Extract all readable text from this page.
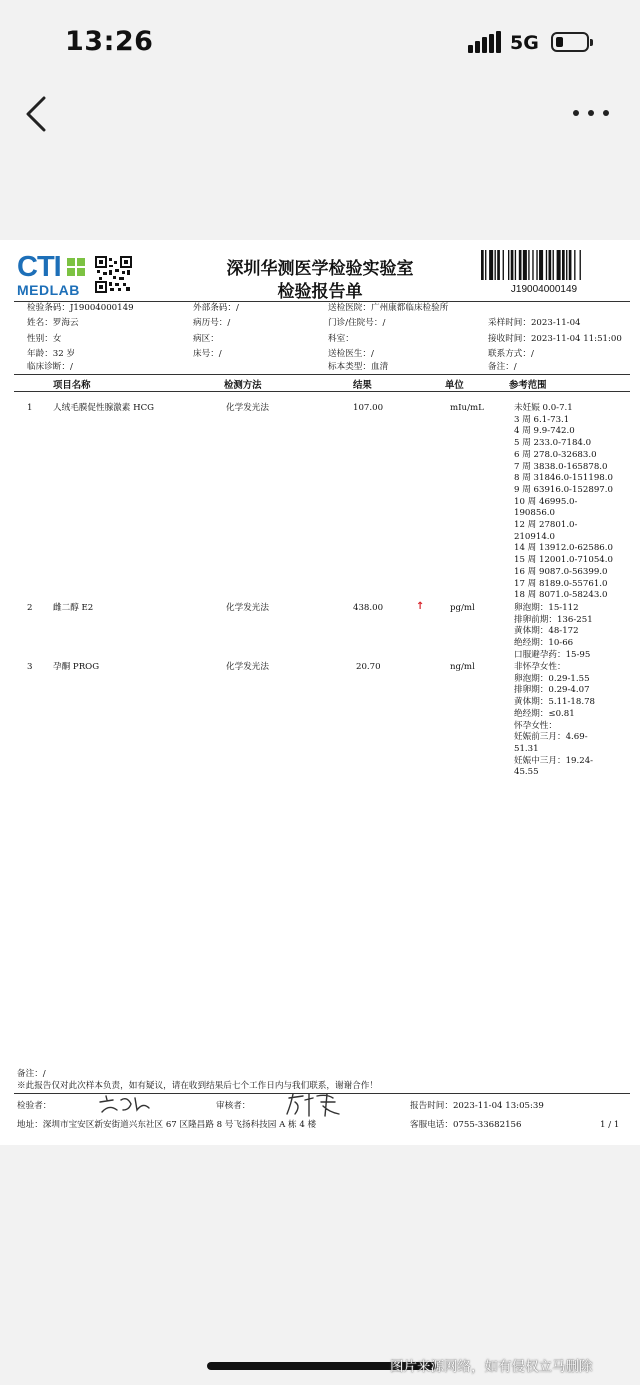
13:26	5G
CTI
MEDLAB
深圳华测医学检验实验室
检验报告单	J19004000149
检验条码：J19004000149	外部条码：/	送检医院：广州康都临床检验所
姓名：罗海云	病历号：/	门诊/住院号：/	采样时间：2023-11-04
性别：女	病区：	科室：	接收时间：2023-11-04 11:51:00
年龄：32 岁	床号：/	送检医生：/	联系方式：/
临床诊断：/	标本类型：血清	备注：/
项目名称	检测方法	结果	单位	参考范围
1 人绒毛膜促性腺激素 HCG	化学发光法	107.00	mIu/mL	未妊娠 0.0-7.1
3 周 6.1-73.1
4 周 9.9-742.0
5 周 233.0-7184.0
6 周 278.0-32683.0
7 周 3838.0-165878.0
8 周 31846.0-151198.0
9 周 63916.0-152897.0
10 周 46995.0-
190856.0
12 周 27801.0-
210914.0
14 周 13912.0-62586.0
15 周 12001.0-71054.0
16 周 9087.0-56399.0
17 周 8189.0-55761.0
18 周 8071.0-58243.0
2 雌二醇 E2	化学发光法	438.00	↑	pg/ml	卵泡期：15-112
排卵前期：136-251
黄体期：48-172
绝经期：10-66
口服避孕药：15-95
3 孕酮 PROG	化学发光法	20.70	ng/ml	非怀孕女性：
卵泡期：0.29-1.55
排卵期：0.29-4.07
黄体期：5.11-18.78
绝经期：≤0.81
怀孕女性：
妊娠前三月：4.69-
51.31
妊娠中三月：19.24-
45.55
备注：/
※此报告仅对此次样本负责，如有疑议，请在收到结果后七个工作日内与我们联系，谢谢合作！
检验者：	审核者：	报告时间：2023-11-04 13:05:39
地址：深圳市宝安区新安街道兴东社区 67 区隆昌路 8 号飞扬科技园 A 栋 4 楼	客服电话：0755-33682156	1 / 1
图片来源网络，如有侵权立马删除
